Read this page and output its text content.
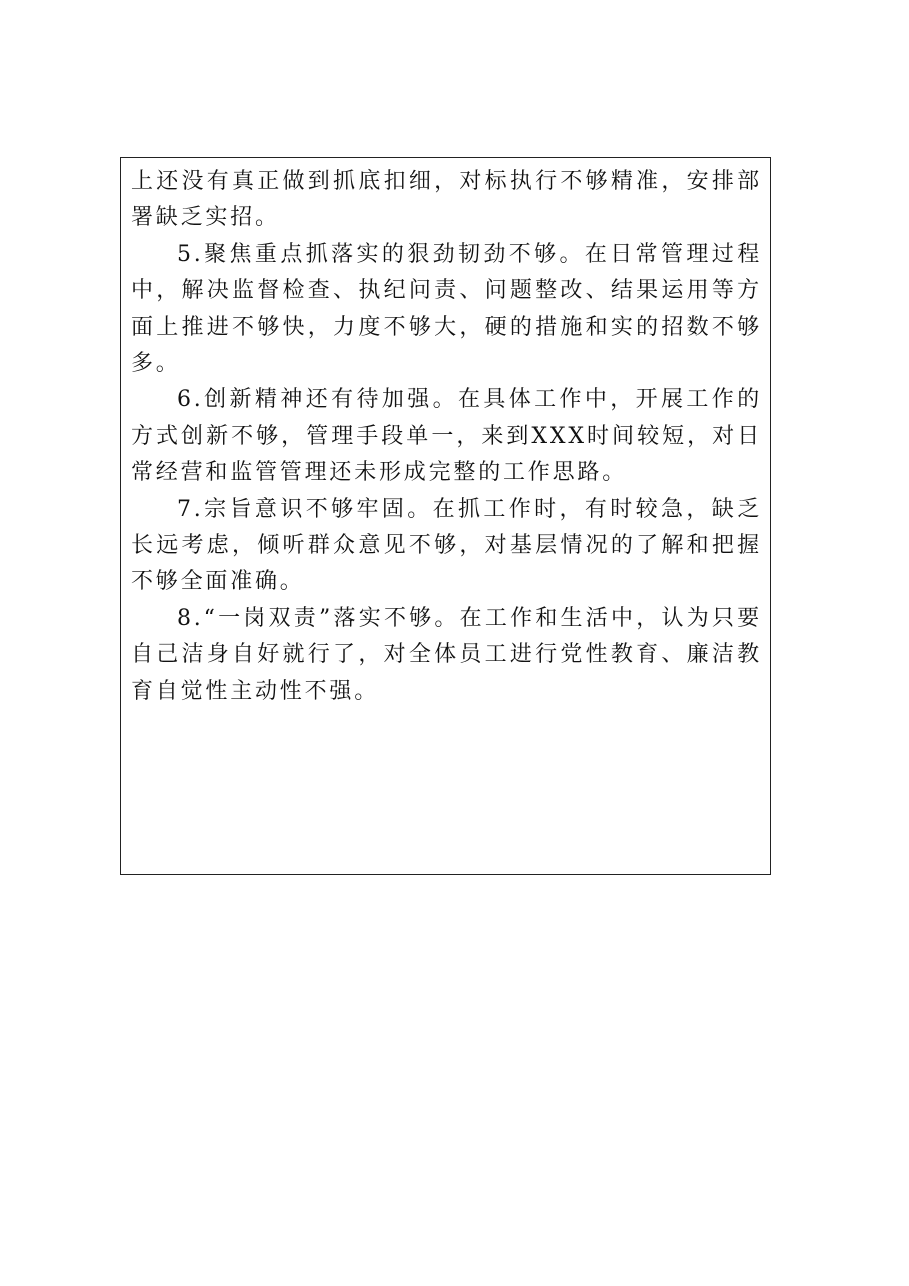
上还没有真正做到抓底扣细，对标执行不够精准，安排部署缺乏实招。

5.聚焦重点抓落实的狠劲韧劲不够。在日常管理过程中，解决监督检查、执纪问责、问题整改、结果运用等方面上推进不够快，力度不够大，硬的措施和实的招数不够多。

6.创新精神还有待加强。在具体工作中，开展工作的方式创新不够，管理手段单一，来到XXX时间较短，对日常经营和监管管理还未形成完整的工作思路。

7.宗旨意识不够牢固。在抓工作时，有时较急，缺乏长远考虑，倾听群众意见不够，对基层情况的了解和把握不够全面准确。

8.“一岗双责”落实不够。在工作和生活中，认为只要自己洁身自好就行了，对全体员工进行党性教育、廉洁教育自觉性主动性不强。
